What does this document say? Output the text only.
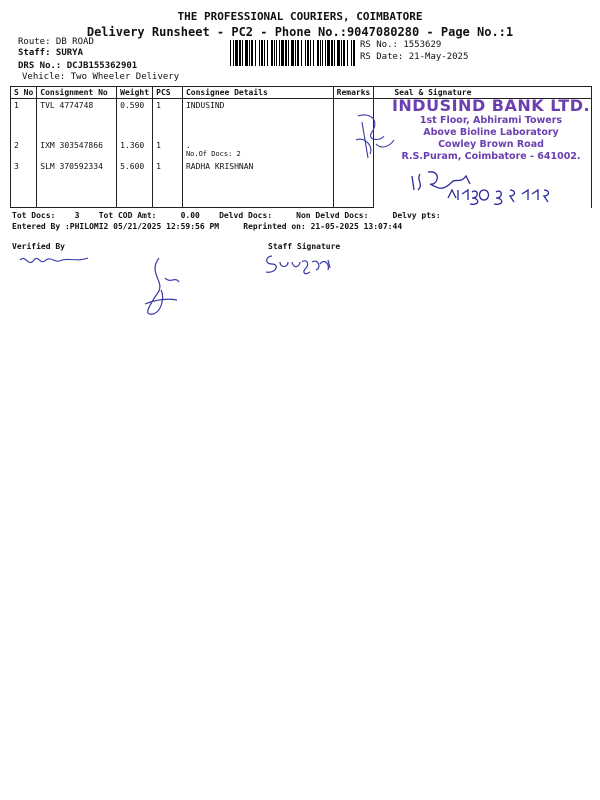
THE PROFESSIONAL COURIERS, COIMBATORE
Delivery Runsheet - PC2 - Phone No.:9047080280 - Page No.:1
Route: DB ROAD
Staff: SURYA
DRS No.: DCJB155362901
Vehicle: Two Wheeler Delivery
RS No.: 1553629
RS Date: 21-May-2025
S No	Consignment No	Weight	PCS	Consignee Details	Remarks	Seal & Signature
1	TVL 4774748	0.590	1	INDUSIND		
2	IXM 303547866	1.360	1	.
No.Of Docs: 2		

3	SLM 370592334	5.600	1	RADHA KRISHNAN		
INDUSIND BANK LTD.
1st Floor, Abhirami Towers
Above Bioline Laboratory
Cowley Brown Road
R.S.Puram, Coimbatore - 641002.
Tot Docs:    3    Tot COD Amt:     0.00    Delvd Docs:     Non Delvd Docs:     Delvy pts:
Entered By :PHILOMI2 05/21/2025 12:59:56 PM     Reprinted on: 21-05-2025 13:07:44
Verified By	Staff Signature
